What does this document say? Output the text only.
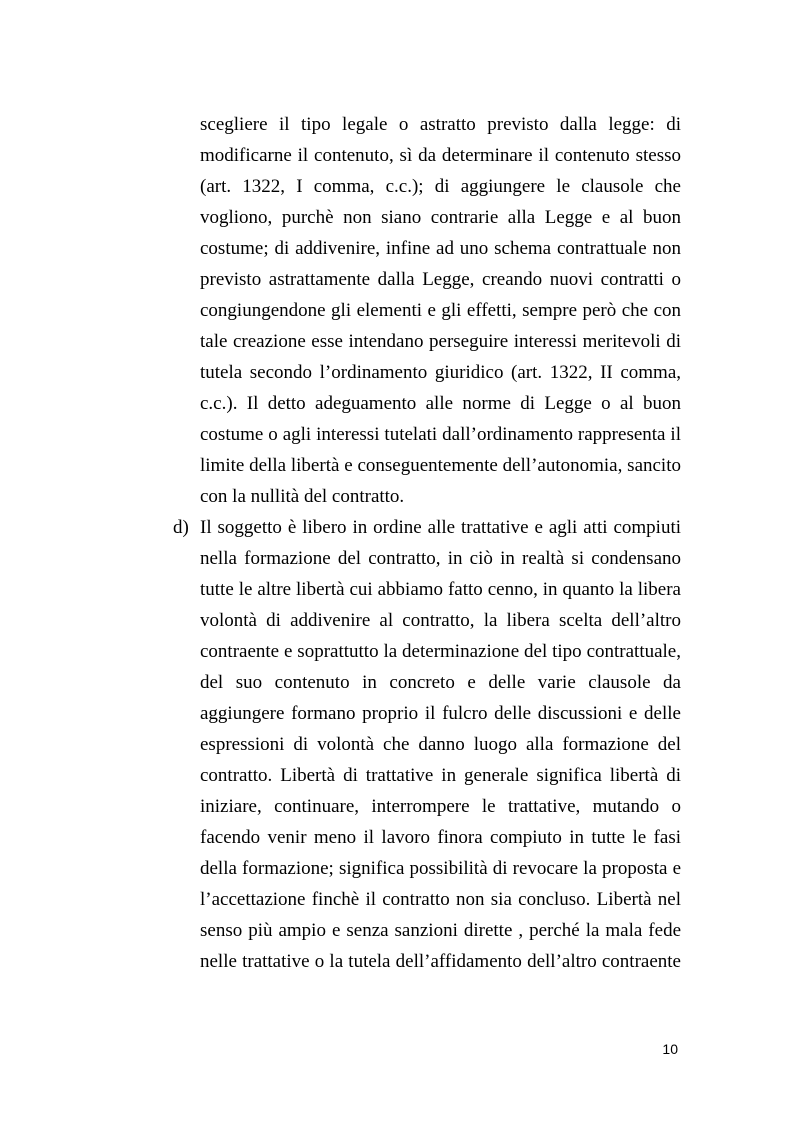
scegliere il tipo legale o astratto previsto dalla legge: di
modificarne il contenuto, sì da determinare il contenuto stesso
(art. 1322, I comma, c.c.); di aggiungere le clausole che
vogliono, purchè non siano contrarie alla Legge e al buon
costume; di addivenire, infine ad uno schema contrattuale non
previsto astrattamente dalla Legge, creando nuovi contratti o
congiungendone gli elementi e gli effetti, sempre però che con
tale creazione esse intendano perseguire interessi meritevoli di
tutela secondo l’ordinamento giuridico (art. 1322, II comma,
c.c.). Il detto adeguamento alle norme di Legge o al buon
costume o agli interessi tutelati dall’ordinamento rappresenta il
limite della libertà e conseguentemente dell’autonomia, sancito
con la nullità del contratto.
d) Il soggetto è libero in ordine alle trattative e agli atti compiuti
nella formazione del contratto, in ciò in realtà si condensano
tutte le altre libertà cui abbiamo fatto cenno, in quanto la libera
volontà di addivenire al contratto, la libera scelta dell’altro
contraente e soprattutto la determinazione del tipo contrattuale,
del suo contenuto in concreto e delle varie clausole da
aggiungere formano proprio il fulcro delle discussioni e delle
espressioni di volontà che danno luogo alla formazione del
contratto. Libertà di trattative in generale significa libertà di
iniziare, continuare, interrompere le trattative, mutando o
facendo venir meno il lavoro finora compiuto in tutte le fasi
della formazione; significa possibilità di revocare la proposta e
l’accettazione finchè il contratto non sia concluso. Libertà nel
senso più ampio e senza sanzioni dirette , perché la mala fede
nelle trattative o la tutela dell’affidamento dell’altro contraente
10
